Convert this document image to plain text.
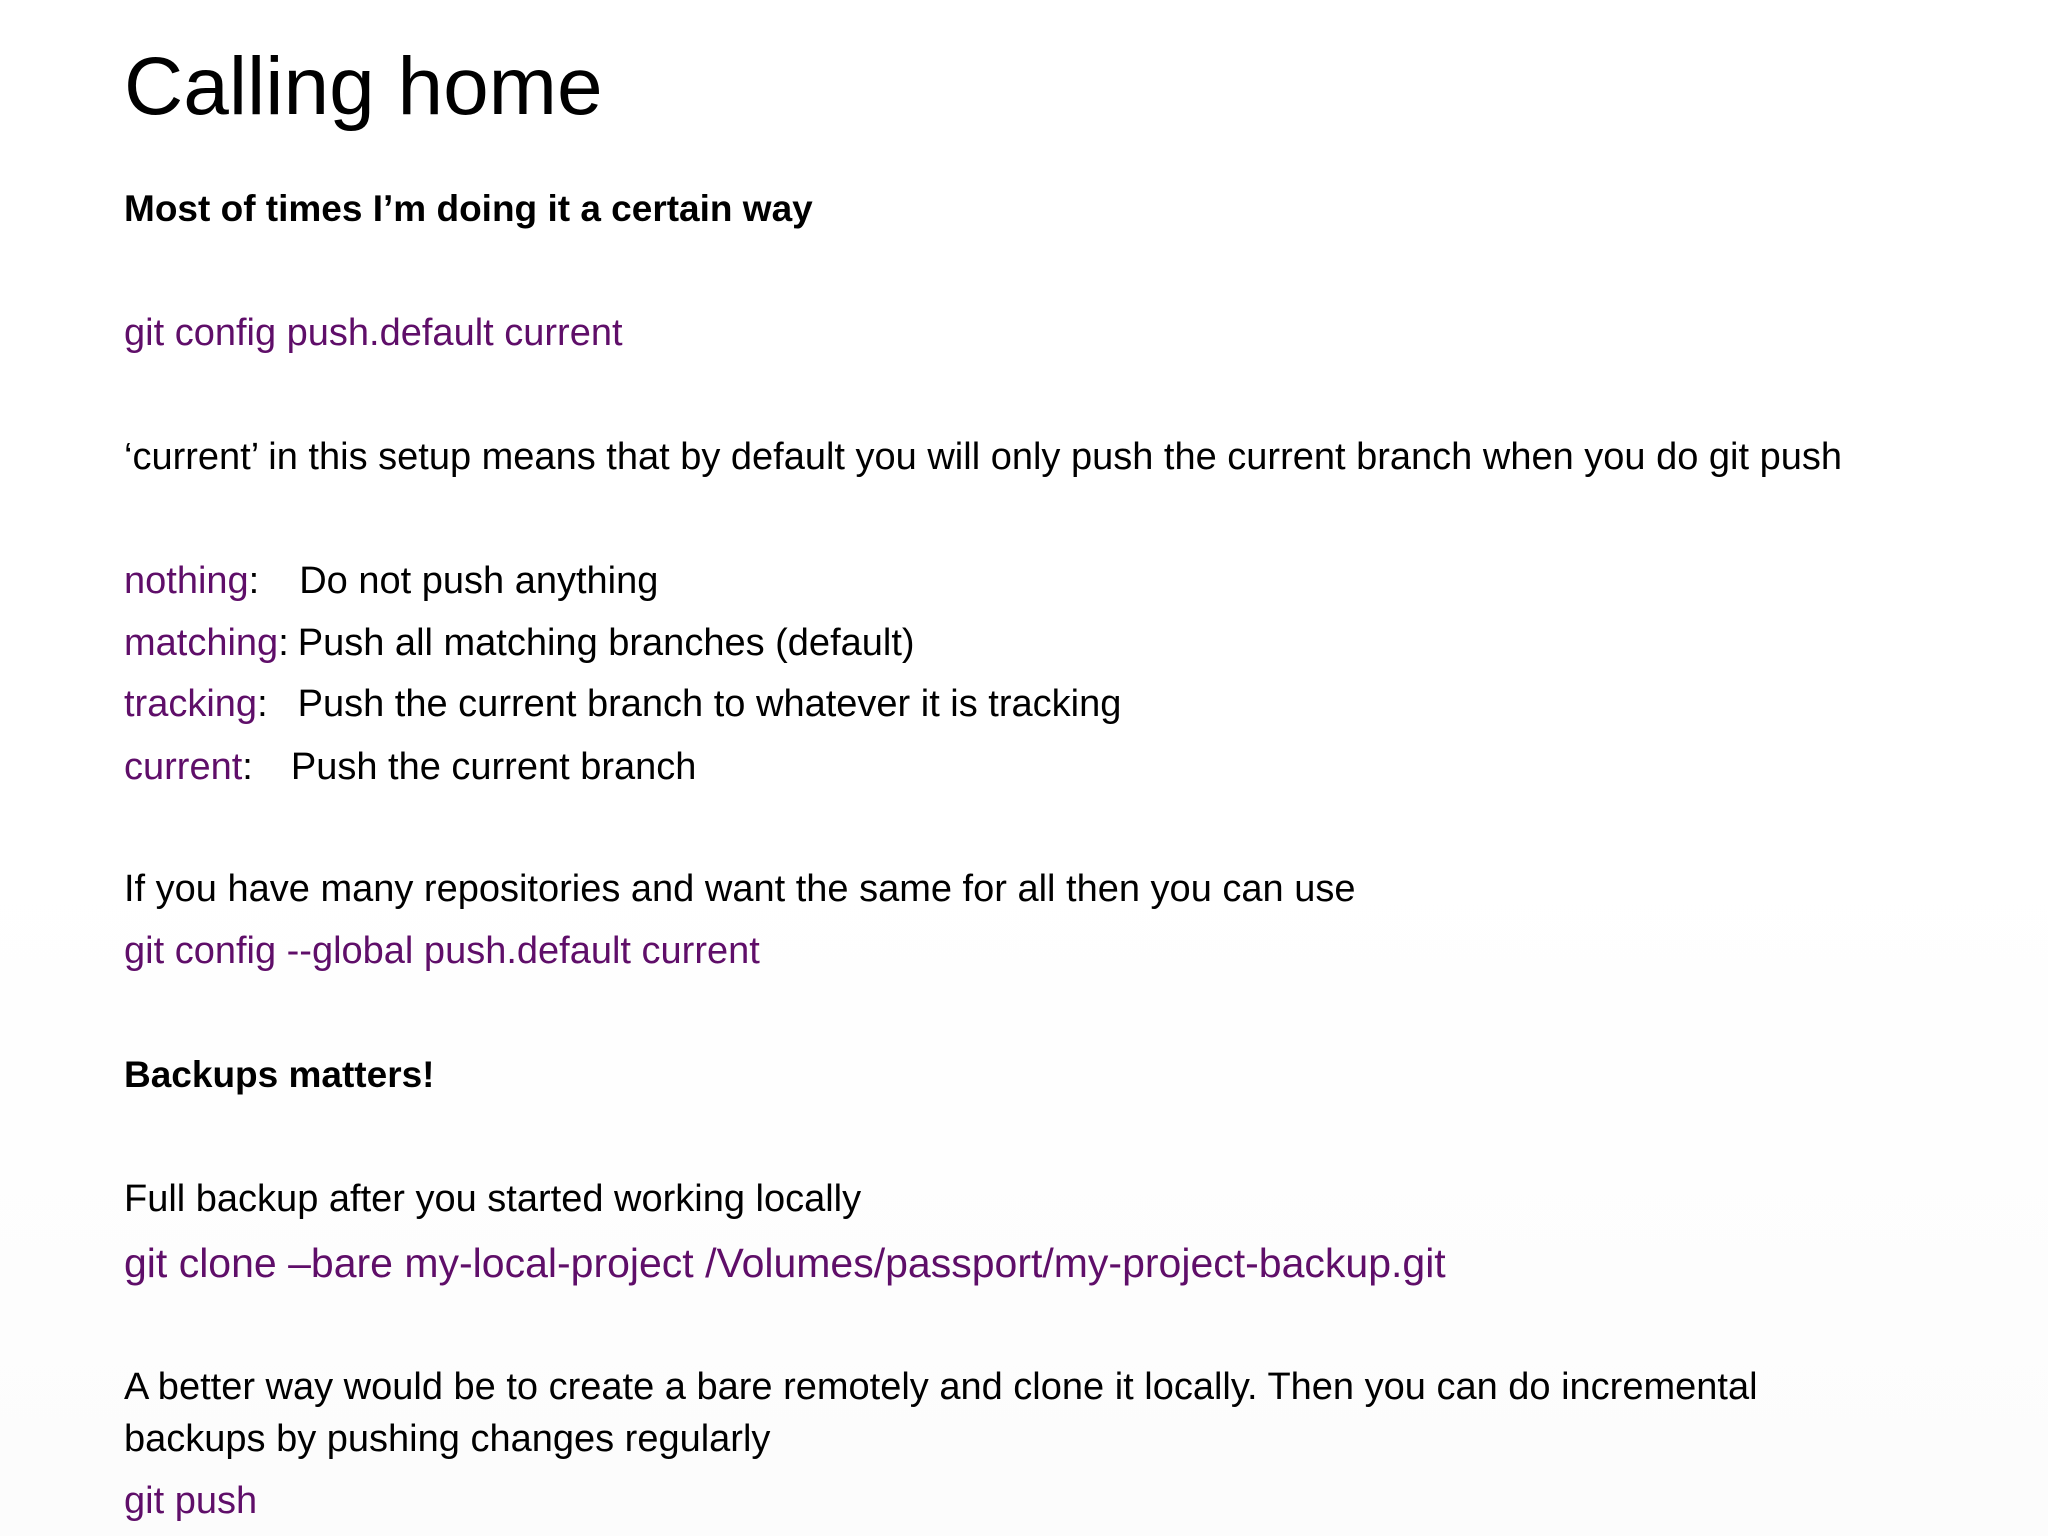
Calling home

Most of times I’m doing it a certain way

git config push.default current

‘current’ in this setup means that by default you will only push the current branch when you do git push

nothing : Do not push anything
matching : Push all matching branches (default)
tracking : Push the current branch to whatever it is tracking
current : Push the current branch

If you have many repositories and want the same for all then you can use

git config --global push.default current

Backups matters!

Full backup after you started working locally

git clone –bare my-local-project /Volumes/passport/my-project-backup.git

A better way would be to create a bare remotely and clone it locally. Then you can do incremental

backups by pushing changes regularly

git push
